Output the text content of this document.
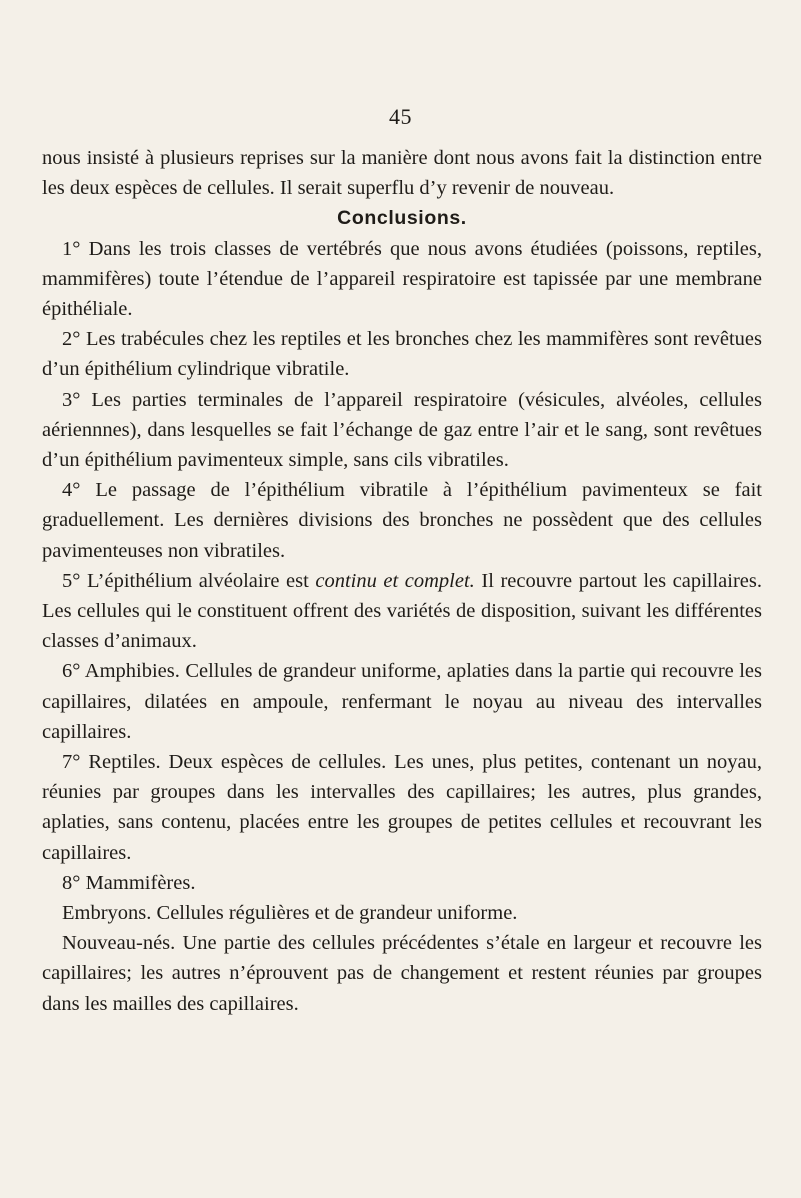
45

nous insisté à plusieurs reprises sur la manière dont nous avons fait la distinction entre les deux espèces de cellules. Il serait superflu d’y revenir de nouveau.

Conclusions.

1° Dans les trois classes de vertébrés que nous avons étudiées (poissons, reptiles, mammifères) toute l’étendue de l’appareil respiratoire est tapissée par une membrane épithéliale.

2° Les trabécules chez les reptiles et les bronches chez les mammifères sont revêtues d’un épithélium cylindrique vibratile.

3° Les parties terminales de l’appareil respiratoire (vésicules, alvéoles, cellules aériennnes), dans lesquelles se fait l’échange de gaz entre l’air et le sang, sont revêtues d’un épithélium pavimenteux simple, sans cils vibratiles.

4° Le passage de l’épithélium vibratile à l’épithélium pavimenteux se fait graduellement. Les dernières divisions des bronches ne possèdent que des cellules pavimenteuses non vibratiles.

5° L’épithélium alvéolaire est continu et complet. Il recouvre partout les capillaires. Les cellules qui le constituent offrent des variétés de disposition, suivant les différentes classes d’animaux.

6° Amphibies. Cellules de grandeur uniforme, aplaties dans la partie qui recouvre les capillaires, dilatées en ampoule, renfermant le noyau au niveau des intervalles capillaires.

7° Reptiles. Deux espèces de cellules. Les unes, plus petites, contenant un noyau, réunies par groupes dans les intervalles des capillaires; les autres, plus grandes, aplaties, sans contenu, placées entre les groupes de petites cellules et recouvrant les capillaires.

8° Mammifères.

Embryons. Cellules régulières et de grandeur uniforme.

Nouveau-nés. Une partie des cellules précédentes s’étale en largeur et recouvre les capillaires; les autres n’éprouvent pas de changement et restent réunies par groupes dans les mailles des capillaires.
